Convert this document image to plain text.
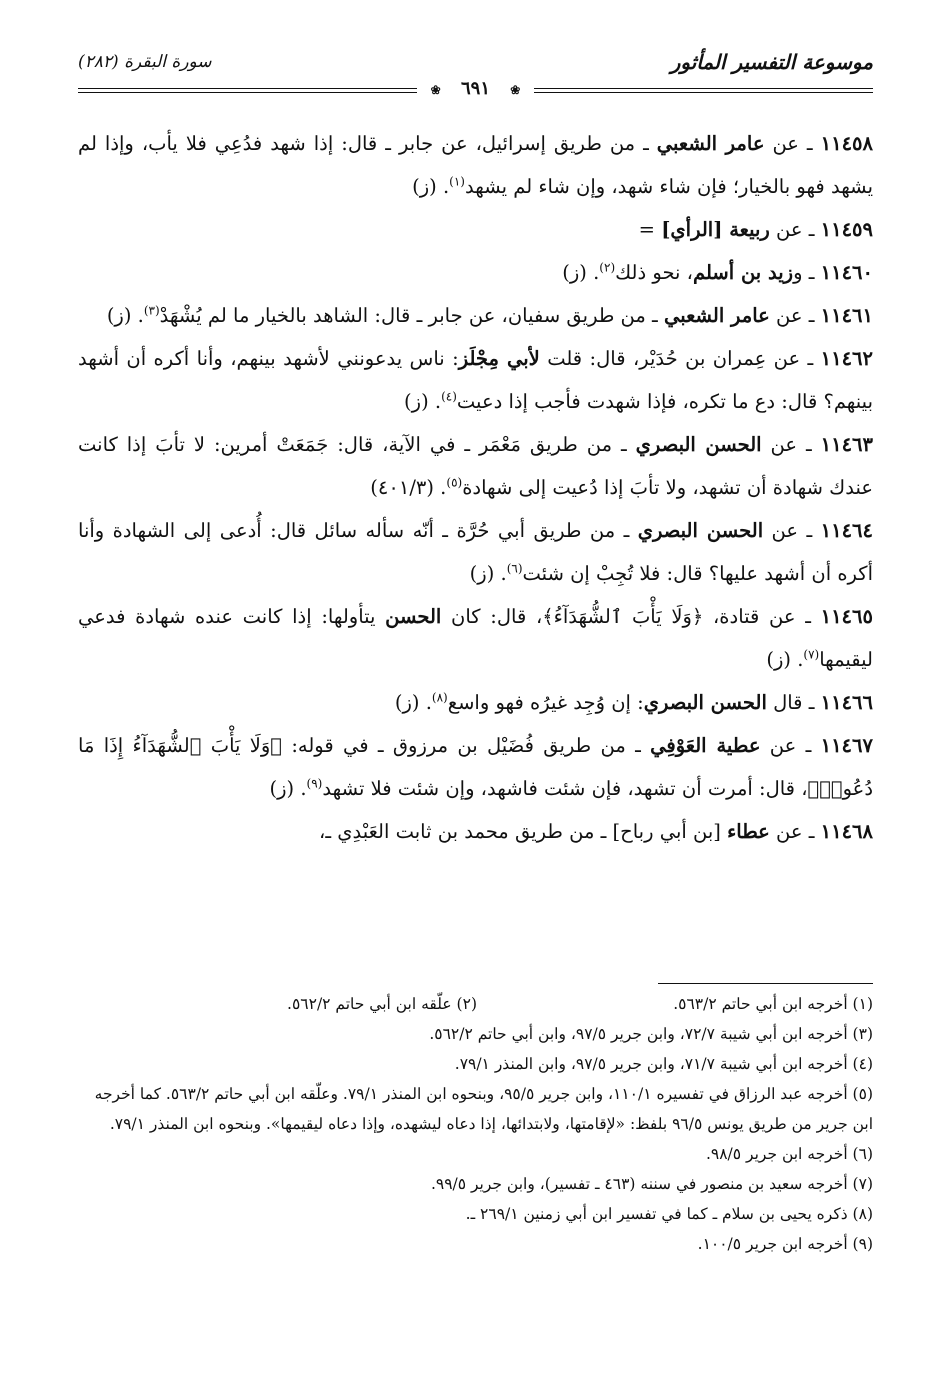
موسوعة التفسير المأثور
سورة البقرة (٢٨٢)
❀ ٦٩١ ❀

١١٤٥٨ ـ عن عامر الشعبي ـ من طريق إسرائيل، عن جابر ـ قال: إذا شهد فدُعِي فلا يأب، وإذا لم يشهد فهو بالخيار؛ فإن شاء شهد، وإن شاء لم يشهد$^{(١)}$. (ز)

١١٤٥٩ ـ عن ربيعة [الرأي] =

١١٤٦٠ ـ وزيد بن أسلم، نحو ذلك$^{(٢)}$. (ز)

١١٤٦١ ـ عن عامر الشعبي ـ من طريق سفيان، عن جابر ـ قال: الشاهد بالخيار ما لم يُشْهَدْ$^{(٣)}$. (ز)

١١٤٦٢ ـ عن عِمران بن حُدَيْر، قال: قلت لأبي مِجْلَز: ناس يدعونني لأشهد بينهم، وأنا أكره أن أشهد بينهم؟ قال: دع ما تكره، فإذا شهدت فأجب إذا دعيت$^{(٤)}$. (ز)

١١٤٦٣ ـ عن الحسن البصري ـ من طريق مَعْمَر ـ في الآية، قال: جَمَعَتْ أمرين: لا تأبَ إذا كانت عندك شهادة أن تشهد، ولا تأبَ إذا دُعيت إلى شهادة$^{(٥)}$. (٤٠١/٣)

١١٤٦٤ ـ عن الحسن البصري ـ من طريق أبي حُرَّة ـ أنّه سأله سائل قال: أُدعى إلى الشهادة وأنا أكره أن أشهد عليها؟ قال: فلا تُجِبْ إن شئت$^{(٦)}$. (ز)

١١٤٦٥ ـ عن قتادة، ﴿وَلَا يَأْبَ ٱلشُّهَدَآءُ﴾، قال: كان الحسن يتأولها: إذا كانت عنده شهادة فدعي ليقيمها$^{(٧)}$. (ز)

١١٤٦٦ ـ قال الحسن البصري: إن وُجِد غيرُه فهو واسع$^{(٨)}$. (ز)

١١٤٦٧ ـ عن عطية العَوْفِي ـ من طريق فُضَيْل بن مرزوق ـ في قوله: ﴿وَلَا يَأْبَ ٱلشُّهَدَآءُ إِذَا مَا دُعُوا۟﴾، قال: أمرت أن تشهد، فإن شئت فاشهد، وإن شئت فلا تشهد$^{(٩)}$. (ز)

١١٤٦٨ ـ عن عطاء [بن أبي رباح] ـ من طريق محمد بن ثابت العَبْدِي ـ،

(١) أخرجه ابن أبي حاتم ٥٦٣/٢.

(٢) علّقه ابن أبي حاتم ٥٦٢/٢.

(٣) أخرجه ابن أبي شيبة ٧٢/٧، وابن جرير ٩٧/٥، وابن أبي حاتم ٥٦٢/٢.

(٤) أخرجه ابن أبي شيبة ٧١/٧، وابن جرير ٩٧/٥، وابن المنذر ٧٩/١.

(٥) أخرجه عبد الرزاق في تفسيره ١١٠/١، وابن جرير ٩٥/٥، وبنحوه ابن المنذر ٧٩/١. وعلّقه ابن أبي حاتم ٥٦٣/٢. كما أخرجه ابن جرير من طريق يونس ٩٦/٥ بلفظ: «لإقامتها، ولابتدائها، إذا دعاه ليشهده، وإذا دعاه ليقيمها». وبنحوه ابن المنذر ٧٩/١.

(٦) أخرجه ابن جرير ٩٨/٥.

(٧) أخرجه سعيد بن منصور في سننه (٤٦٣ ـ تفسير)، وابن جرير ٩٩/٥.

(٨) ذكره يحيى بن سلام ـ كما في تفسير ابن أبي زمنين ٢٦٩/١ ـ.

(٩) أخرجه ابن جرير ١٠٠/٥.
